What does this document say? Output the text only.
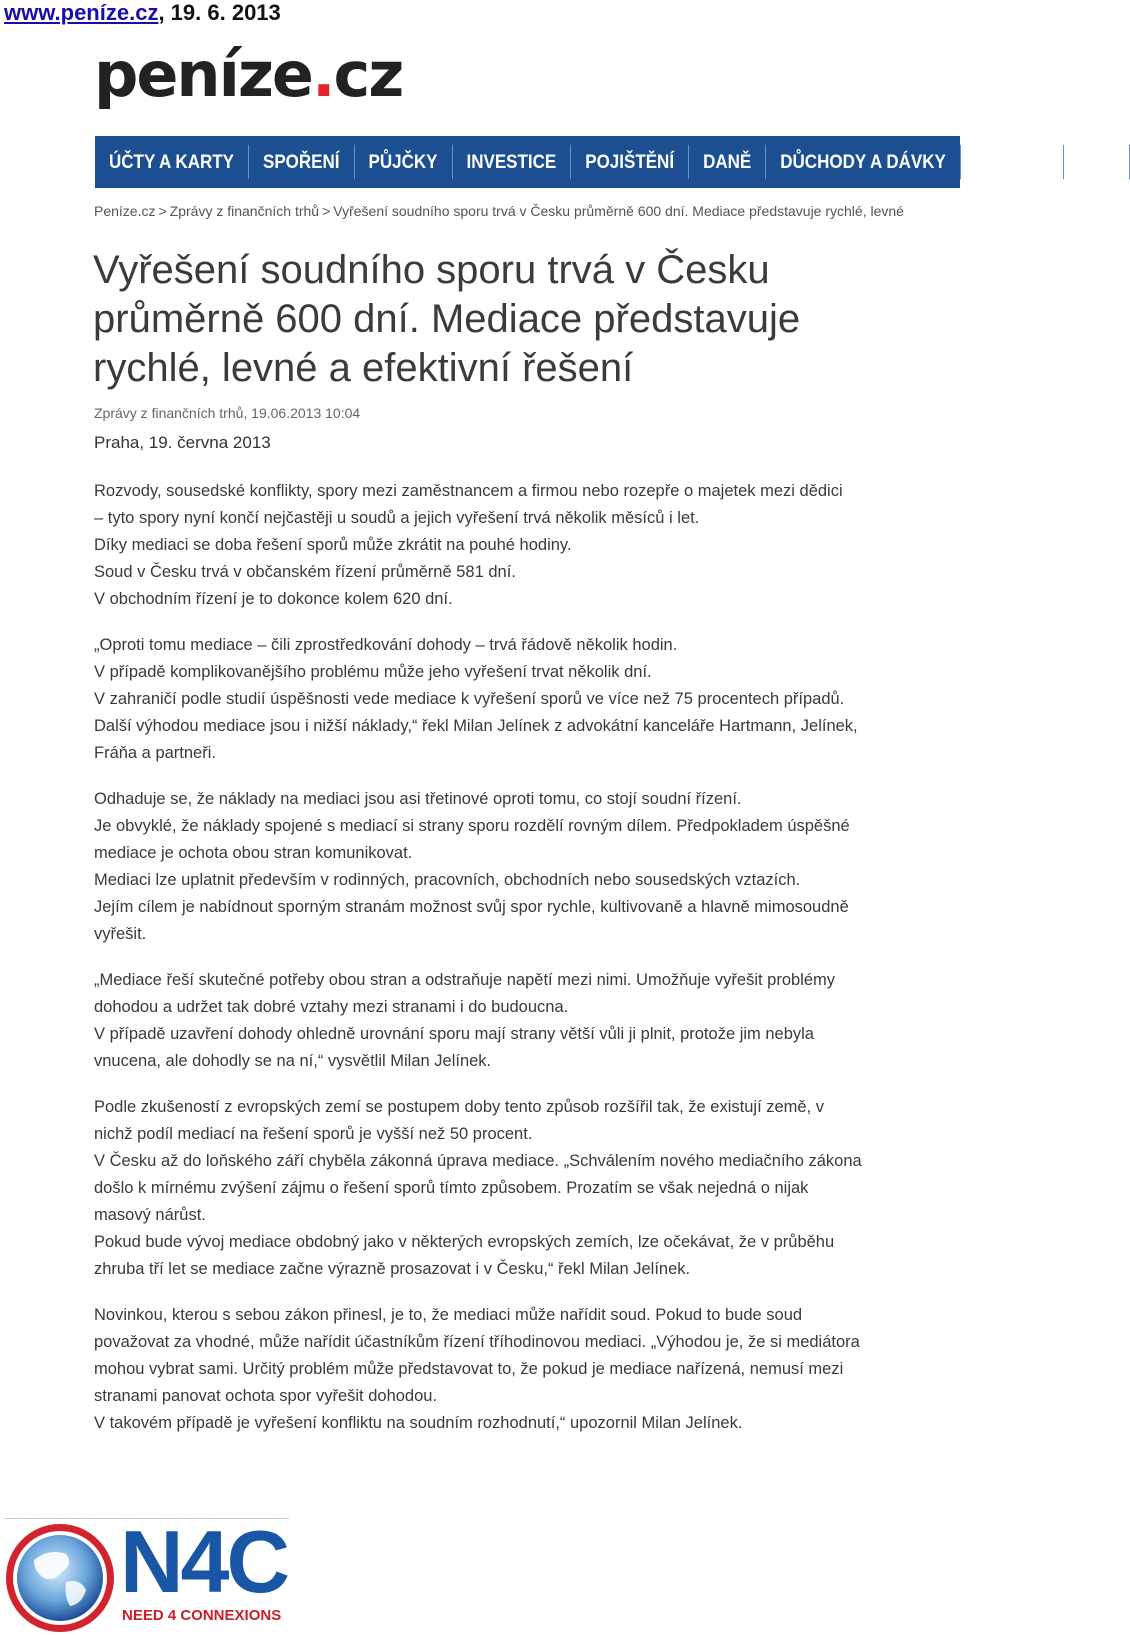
www.peníze.cz, 19. 6. 2013
peníze.cz
ÚČTY A KARTY	SPOŘENÍ	PŮJČKY	INVESTICE	POJIŠTĚNÍ	DANĚ	DŮCHODY A DÁVKY	BYDLENÍ	ZAM
Peníze.cz > Zprávy z finančních trhů > Vyřešení soudního sporu trvá v Česku průměrně 600 dní. Mediace představuje rychlé, levné
Vyřešení soudního sporu trvá v Česku průměrně 600 dní. Mediace představuje rychlé, levné a efektivní řešení
Zprávy z finančních trhů, 19.06.2013 10:04
Praha, 19. června 2013

Rozvody, sousedské konflikty, spory mezi zaměstnancem a firmou nebo rozepře o majetek mezi dědici
– tyto spory nyní končí nejčastěji u soudů a jejich vyřešení trvá několik měsíců i let.
Díky mediaci se doba řešení sporů může zkrátit na pouhé hodiny.
Soud v Česku trvá v občanském řízení průměrně 581 dní.
V obchodním řízení je to dokonce kolem 620 dní.

„Oproti tomu mediace – čili zprostředkování dohody – trvá řádově několik hodin.
V případě komplikovanějšího problému může jeho vyřešení trvat několik dní.
V zahraničí podle studií úspěšnosti vede mediace k vyřešení sporů ve více než 75 procentech případů.
Další výhodou mediace jsou i nižší náklady,“ řekl Milan Jelínek z advokátní kanceláře Hartmann, Jelínek,
Fráňa a partneři.

Odhaduje se, že náklady na mediaci jsou asi třetinové oproti tomu, co stojí soudní řízení.
Je obvyklé, že náklady spojené s mediací si strany sporu rozdělí rovným dílem. Předpokladem úspěšné
mediace je ochota obou stran komunikovat.
Mediaci lze uplatnit především v rodinných, pracovních, obchodních nebo sousedských vztazích.
Jejím cílem je nabídnout sporným stranám možnost svůj spor rychle, kultivovaně a hlavně mimosoudně
vyřešit.

„Mediace řeší skutečné potřeby obou stran a odstraňuje napětí mezi nimi. Umožňuje vyřešit problémy
dohodou a udržet tak dobré vztahy mezi stranami i do budoucna.
V případě uzavření dohody ohledně urovnání sporu mají strany větší vůli ji plnit, protože jim nebyla
vnucena, ale dohodly se na ní,“ vysvětlil Milan Jelínek.

Podle zkušeností z evropských zemí se postupem doby tento způsob rozšířil tak, že existují země, v
nichž podíl mediací na řešení sporů je vyšší než 50 procent.
V Česku až do loňského září chyběla zákonná úprava mediace. „Schválením nového mediačního zákona
došlo k mírnému zvýšení zájmu o řešení sporů tímto způsobem. Prozatím se však nejedná o nijak
masový nárůst.
Pokud bude vývoj mediace obdobný jako v některých evropských zemích, lze očekávat, že v průběhu
zhruba tří let se mediace začne výrazně prosazovat i v Česku,“ řekl Milan Jelínek.

Novinkou, kterou s sebou zákon přinesl, je to, že mediaci může nařídit soud. Pokud to bude soud
považovat za vhodné, může nařídit účastníkům řízení tříhodinovou mediaci. „Výhodou je, že si mediátora
mohou vybrat sami. Určitý problém může představovat to, že pokud je mediace nařízená, nemusí mezi
stranami panovat ochota spor vyřešit dohodou.
V takovém případě je vyřešení konfliktu na soudním rozhodnutí,“ upozornil Milan Jelínek.

N4C
NEED 4 CONNEXIONS
